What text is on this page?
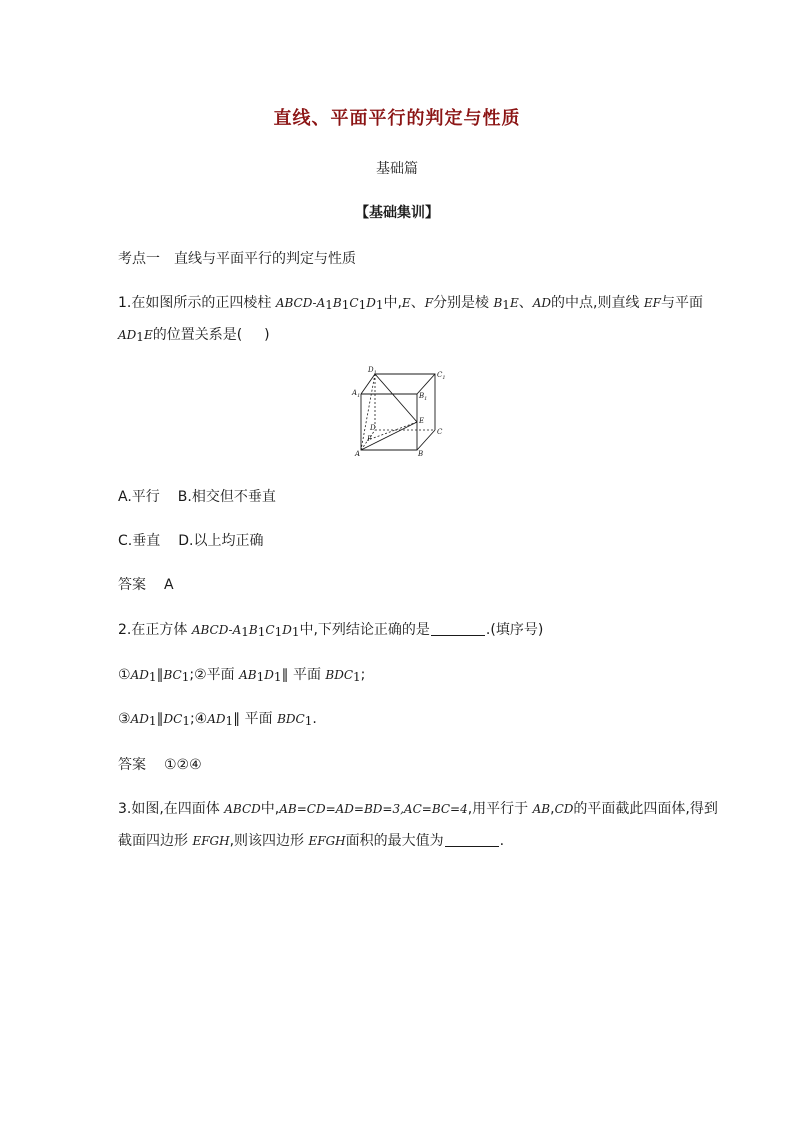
直线、平面平行的判定与性质
基础篇
【基础集训】
考点一　直线与平面平行的判定与性质
1.在如图所示的正四棱柱 ABCD-$A_1B_1C_1D_1$中,E、F分别是棱 $B_1E$、AD的中点,则直线 EF与平面
$AD_1E$的位置关系是( )
$D_1$	$C_1$
$A_1$	$B_1$
E
D
F
C
A	B
A.平行 B.相交但不垂直
C.垂直 D.以上均正确
答案 A
2.在正方体 ABCD-$A_1B_1C_1D_1$中,下列结论正确的是	.(填序号)
$①AD_1\parallel BC_1;②$平面 $AB_1D_1\parallel$ 平面 $BDC_1$;
$③AD_1\parallel DC_1;④AD_1\parallel$ 平面 $BDC_1$.
答案 ①②④
3.如图,在四面体 ABCD中,AB=CD=AD=BD=3,AC=BC=4,用平行于 AB,CD的平面截此四面体,得到
截面四边形 EFGH,则该四边形 EFGH面积的最大值为	.
